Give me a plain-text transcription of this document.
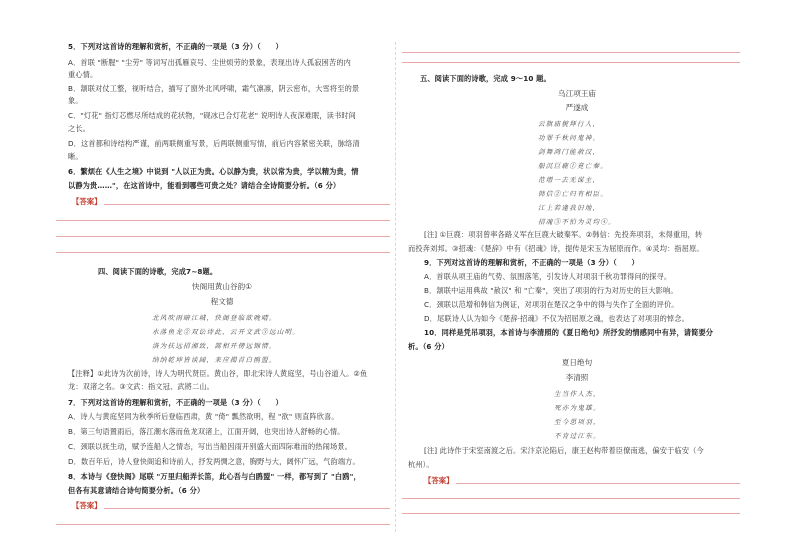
5．下列对这首诗的理解和赏析，不正确的一项是（3 分）（　　）
A．首联 "断腥" "尘劳" 等词写出孤雁哀号、尘世烦劳的景象，表现出诗人孤寂困苦的内
重心情。
B．颔联对仗工整，视听结合，描写了窗外北风呼啸，霜气凛凛，阴云密布，大雪将至的景
象。
C．"灯花" 指灯芯燃尽所结成的花状物，"砚冰已合灯花老" 说明诗人夜深难眠，读书时间
之长。
D．这首都和诗结构严谨，前两联侧重写景，后两联侧重写情，前后内容紧密关联，脉络清
晰。
6．繁烦在《人生之境》中说到 "人以正为贵。心以静为贵，状以常为贵，学以精为贵，情
以静为贵……"，在这首诗中，能看到哪些可贵之处？请结合全诗简要分析。（6 分）
【答案】
四、阅读下面的诗歌，完成7~8题。
快阁用黄山谷韵①
程文德
北风吹雨暗江城，快阁登临欲晚晴。
水落鱼龙②双讼诗此，云开文武③远山明。
洛为扶远招湘致，篙相开傍远锦情。
纳纳乾坤皆谈阔，来应揭首白鸥盟。
【注释】①此诗为次前诗，诗人为明代贤臣。黄山谷，即北宋诗人黄庭坚，号山谷道人。②鱼
龙：双渚之名。③文武：指文冠、武將二山。
7．下列对这首诗的理解和赏析，不正确的一项是（3 分）（　　）
A．诗人与黄庭坚同为秋季所后登临西肃，黄 "倚" 瓢然欲明，程 "欲" 则直阵欣喜。
B．第三句语置雨后，落江潮水落而鱼龙双渚上，江面开阔，也突出诗人舒畅的心情。
C．颈联以抚生动，赋予连船人之情态，写出当船因雨开别盛大而四际难而的热闹场景。
D．数百年后，诗人登快阁追和诗前人，抒发两惆之意，胸野与大，阔怀广远，气韵端方。
8．本诗与《登快阁》尾联 "万里归船弄长笛，此心吾与白鸥盟" 一样，都写到了 "白鸥"，
但各有其意请结合诗句简要分析。（6 分）
【答案】
五、阅读下面的诗歌，完成 9～10 题。
乌江项王庙
严遂成
云旗庙貌拜行人，
功罪千秋问鬼神。
剑舞鸿门能赦汉，
船沉巨鹿①竟亡秦。
范增一去无谋主，
韩信②亡归有相臣。
江上若逢我旧地，
招魂③不怕为灵均④。
[注] ①巨鹿：项羽曾率各路义军在巨鹿大破秦军。②韩信：先投奔项羽，未得重用，转
而投奔刘邦。③招魂：《楚辞》中有《招魂》诗，提传是宋玉为屈原而作。④灵均：指屈原。
9．下列对这首诗的理解和赏析，不正确的一项是（3 分）（　　）
A．首联从项王庙的气势、氛围落笔，引发诗人对项羽千秋功罪得问的探寻。
B．颔联中运用典故 "赦汉" 和 "亡秦"，突出了项羽的行为对历史的巨大影响。
C．颈联以范增和韩信为例证，对项羽在楚汉之争中的得与失作了全面的评价。
D．尾联诗人认为如今《楚辞·招魂》不仅为招屈原之魂，也表达了对项羽的悼念。
10．同样是凭吊项羽，本首诗与李清照的《夏日绝句》所抒发的情感同中有异，请简要分
析。（6 分）
夏日绝句
李清照
生当作人杰，
死亦为鬼雄。
至今思项羽，
不肯过江东。
[注] 此诗作于宋室南渡之后。宋汴京沦陷后，康王赵构带着臣僚南逃，偏安于临安（今
杭州）。
【答案】
